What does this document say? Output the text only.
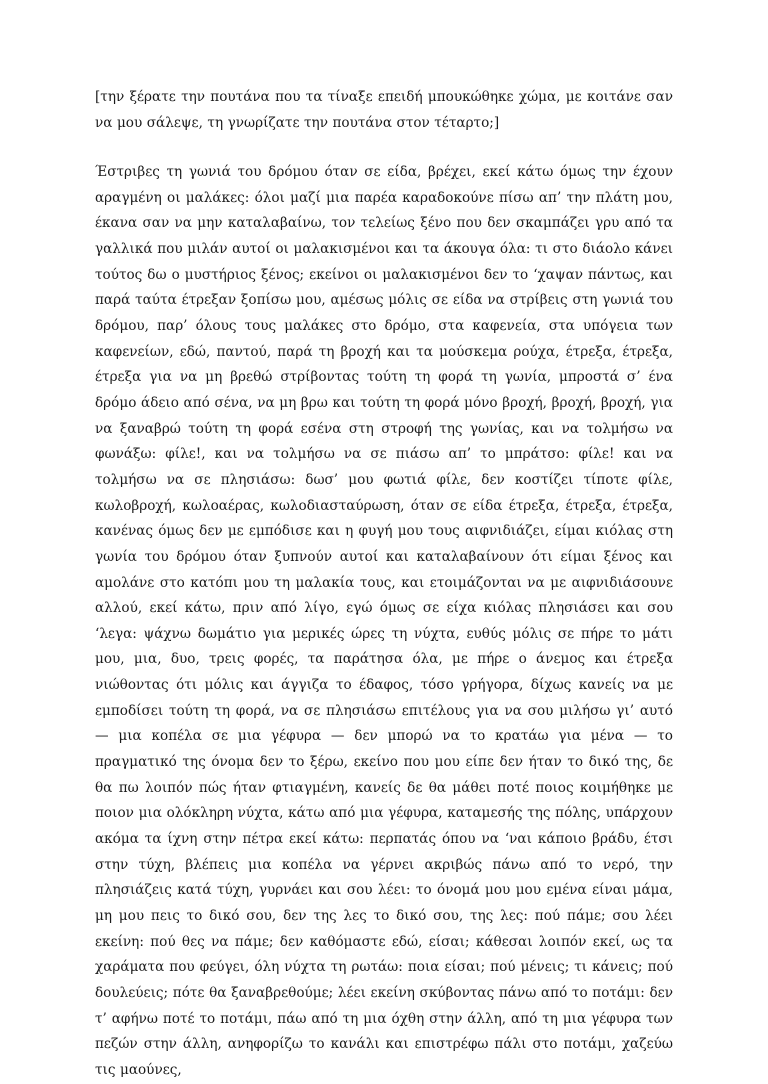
[την ξέρατε την πουτάνα που τα τίναξε επειδή μπουκώθηκε χώμα, με κοιτάνε σαν να μου σάλεψε, τη γνωρίζατε την πουτάνα στον τέταρτο;]

Έστριβες τη γωνιά του δρόμου όταν σε είδα, βρέχει, εκεί κάτω όμως την έχουν αραγμένη οι μαλάκες: όλοι μαζί μια παρέα καραδοκούνε πίσω απ’ την πλάτη μου, έκανα σαν να μην καταλαβαίνω, τον τελείως ξένο που δεν σκαμπάζει γρυ από τα γαλλικά που μιλάν αυτοί οι μαλακισμένοι και τα άκουγα όλα: τι στο διάολο κάνει τούτος δω ο μυστήριος ξένος; εκείνοι οι μαλακισμένοι δεν το ‘χαψαν πάντως, και παρά ταύτα έτρεξαν ξοπίσω μου, αμέσως μόλις σε είδα να στρίβεις στη γωνιά του δρόμου, παρ’ όλους τους μαλάκες στο δρόμο, στα καφενεία, στα υπόγεια των καφενείων, εδώ, παντού, παρά τη βροχή και τα μούσκεμα ρούχα, έτρεξα, έτρεξα, έτρεξα για να μη βρεθώ στρίβοντας τούτη τη φορά τη γωνία, μπροστά σ’ ένα δρόμο άδειο από σένα, να μη βρω και τούτη τη φορά μόνο βροχή, βροχή, βροχή, για να ξαναβρώ τούτη τη φορά εσένα στη στροφή της γωνίας, και να τολμήσω να φωνάξω: φίλε!, και να τολμήσω να σε πιάσω απ’ το μπράτσο: φίλε! και να τολμήσω να σε πλησιάσω: δωσ’ μου φωτιά φίλε, δεν κοστίζει τίποτε φίλε, κωλοβροχή, κωλοαέρας, κωλοδιασταύρωση, όταν σε είδα έτρεξα, έτρεξα, έτρεξα, κανένας όμως δεν με εμπόδισε και η φυγή μου τους αιφνιδιάζει, είμαι κιόλας στη γωνία του δρόμου όταν ξυπνούν αυτοί και καταλαβαίνουν ότι είμαι ξένος και αμολάνε στο κατόπι μου τη μαλακία τους, και ετοιμάζονται να με αιφνιδιάσουνε αλλού, εκεί κάτω, πριν από λίγο, εγώ όμως σε είχα κιόλας πλησιάσει και σου ‘λεγα: ψάχνω δωμάτιο για μερικές ώρες τη νύχτα, ευθύς μόλις σε πήρε το μάτι μου, μια, δυο, τρεις φορές, τα παράτησα όλα, με πήρε ο άνεμος και έτρεξα νιώθοντας ότι μόλις και άγγιζα το έδαφος, τόσο γρήγορα, δίχως κανείς να με εμποδίσει τούτη τη φορά, να σε πλησιάσω επιτέλους για να σου μιλήσω γι’ αυτό — μια κοπέλα σε μια γέφυρα — δεν μπορώ να το κρατάω για μένα — το πραγματικό της όνομα δεν το ξέρω, εκείνο που μου είπε δεν ήταν το δικό της, δε θα πω λοιπόν πώς ήταν φτιαγμένη, κανείς δε θα μάθει ποτέ ποιος κοιμήθηκε με ποιον μια ολόκληρη νύχτα, κάτω από μια γέφυρα, καταμεσής της πόλης, υπάρχουν ακόμα τα ίχνη στην πέτρα εκεί κάτω: περπατάς όπου να ‘ναι κάποιο βράδυ, έτσι στην τύχη, βλέπεις μια κοπέλα να γέρνει ακριβώς πάνω από το νερό, την πλησιάζεις κατά τύχη, γυρνάει και σου λέει: το όνομά μου μου εμένα είναι μάμα, μη μου πεις το δικό σου, δεν της λες το δικό σου, της λες: πού πάμε; σου λέει εκείνη: πού θες να πάμε; δεν καθόμαστε εδώ, είσαι; κάθεσαι λοιπόν εκεί, ως τα χαράματα που φεύγει, όλη νύχτα τη ρωτάω: ποια είσαι; πού μένεις; τι κάνεις; πού δουλεύεις; πότε θα ξαναβρεθούμε; λέει εκείνη σκύβοντας πάνω από το ποτάμι: δεν τ’ αφήνω ποτέ το ποτάμι, πάω από τη μια όχθη στην άλλη, από τη μια γέφυρα των πεζών στην άλλη, ανηφορίζω το κανάλι και επιστρέφω πάλι στο ποτάμι, χαζεύω τις μαούνες,
